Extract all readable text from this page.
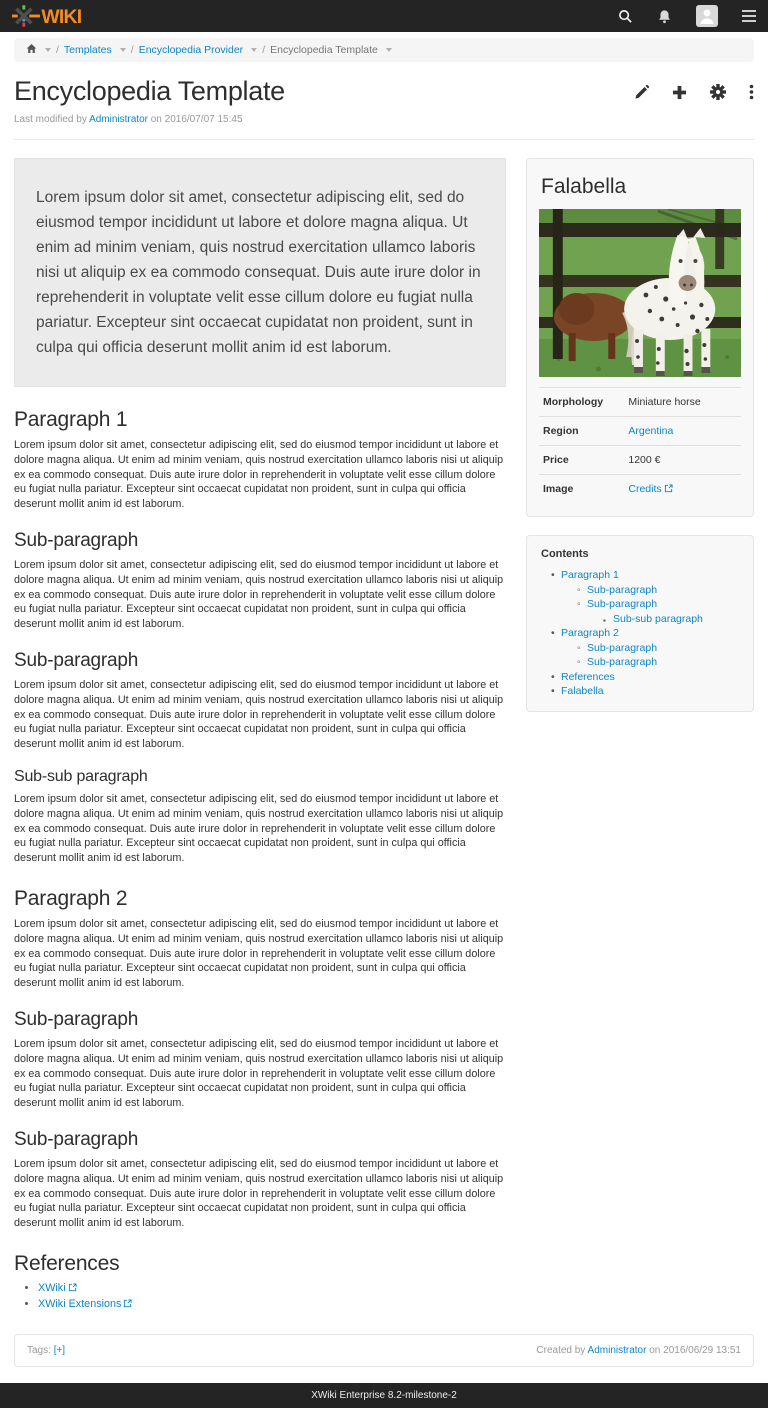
WIKI
/ Templates / Encyclopedia Provider / Encyclopedia Template
Encyclopedia Template
Last modified by Administrator on 2016/07/07 15:45
Lorem ipsum dolor sit amet, consectetur adipiscing elit, sed do eiusmod tempor incididunt ut labore et dolore magna aliqua. Ut enim ad minim veniam, quis nostrud exercitation ullamco laboris nisi ut aliquip ex ea commodo consequat. Duis aute irure dolor in reprehenderit in voluptate velit esse cillum dolore eu fugiat nulla pariatur. Excepteur sint occaecat cupidatat non proident, sunt in culpa qui officia deserunt mollit anim id est laborum.
Paragraph 1

Lorem ipsum dolor sit amet, consectetur adipiscing elit, sed do eiusmod tempor incididunt ut labore et dolore magna aliqua. Ut enim ad minim veniam, quis nostrud exercitation ullamco laboris nisi ut aliquip ex ea commodo consequat. Duis aute irure dolor in reprehenderit in voluptate velit esse cillum dolore eu fugiat nulla pariatur. Excepteur sint occaecat cupidatat non proident, sunt in culpa qui officia deserunt mollit anim id est laborum.

Sub-paragraph

Lorem ipsum dolor sit amet, consectetur adipiscing elit, sed do eiusmod tempor incididunt ut labore et dolore magna aliqua. Ut enim ad minim veniam, quis nostrud exercitation ullamco laboris nisi ut aliquip ex ea commodo consequat. Duis aute irure dolor in reprehenderit in voluptate velit esse cillum dolore eu fugiat nulla pariatur. Excepteur sint occaecat cupidatat non proident, sunt in culpa qui officia deserunt mollit anim id est laborum.

Sub-paragraph

Lorem ipsum dolor sit amet, consectetur adipiscing elit, sed do eiusmod tempor incididunt ut labore et dolore magna aliqua. Ut enim ad minim veniam, quis nostrud exercitation ullamco laboris nisi ut aliquip ex ea commodo consequat. Duis aute irure dolor in reprehenderit in voluptate velit esse cillum dolore eu fugiat nulla pariatur. Excepteur sint occaecat cupidatat non proident, sunt in culpa qui officia deserunt mollit anim id est laborum.

Sub-sub paragraph

Lorem ipsum dolor sit amet, consectetur adipiscing elit, sed do eiusmod tempor incididunt ut labore et dolore magna aliqua. Ut enim ad minim veniam, quis nostrud exercitation ullamco laboris nisi ut aliquip ex ea commodo consequat. Duis aute irure dolor in reprehenderit in voluptate velit esse cillum dolore eu fugiat nulla pariatur. Excepteur sint occaecat cupidatat non proident, sunt in culpa qui officia deserunt mollit anim id est laborum.

Paragraph 2

Lorem ipsum dolor sit amet, consectetur adipiscing elit, sed do eiusmod tempor incididunt ut labore et dolore magna aliqua. Ut enim ad minim veniam, quis nostrud exercitation ullamco laboris nisi ut aliquip ex ea commodo consequat. Duis aute irure dolor in reprehenderit in voluptate velit esse cillum dolore eu fugiat nulla pariatur. Excepteur sint occaecat cupidatat non proident, sunt in culpa qui officia deserunt mollit anim id est laborum.

Sub-paragraph

Lorem ipsum dolor sit amet, consectetur adipiscing elit, sed do eiusmod tempor incididunt ut labore et dolore magna aliqua. Ut enim ad minim veniam, quis nostrud exercitation ullamco laboris nisi ut aliquip ex ea commodo consequat. Duis aute irure dolor in reprehenderit in voluptate velit esse cillum dolore eu fugiat nulla pariatur. Excepteur sint occaecat cupidatat non proident, sunt in culpa qui officia deserunt mollit anim id est laborum.

Sub-paragraph

Lorem ipsum dolor sit amet, consectetur adipiscing elit, sed do eiusmod tempor incididunt ut labore et dolore magna aliqua. Ut enim ad minim veniam, quis nostrud exercitation ullamco laboris nisi ut aliquip ex ea commodo consequat. Duis aute irure dolor in reprehenderit in voluptate velit esse cillum dolore eu fugiat nulla pariatur. Excepteur sint occaecat cupidatat non proident, sunt in culpa qui officia deserunt mollit anim id est laborum.

References
• XWiki
• XWiki Extensions
Falabella
Morphology	Miniature horse
Region	Argentina
Price	1200 €
Image	Credits
Contents
• Paragraph 1
◦ Sub-paragraph
◦ Sub-paragraph
▪ Sub-sub paragraph
• Paragraph 2
◦ Sub-paragraph
◦ Sub-paragraph
• References
• Falabella
Tags:
[+]	Created by Administrator on 2016/06/29 13:51
XWiki Enterprise 8.2-milestone-2
